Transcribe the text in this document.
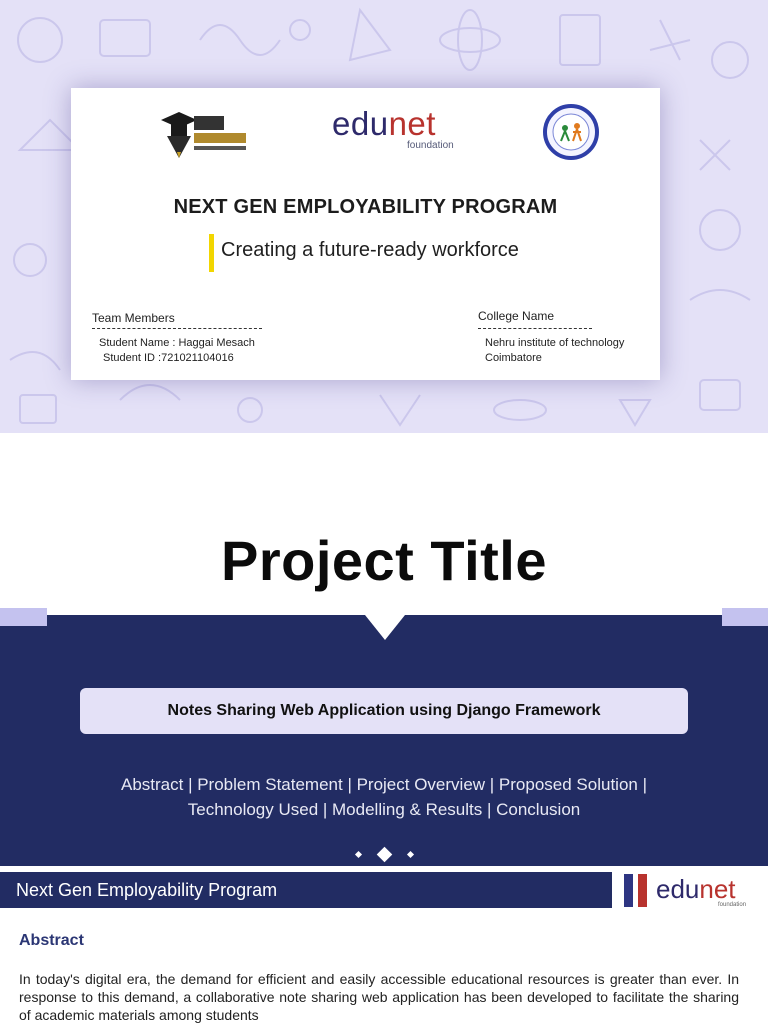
edunet
foundation
NEXT GEN EMPLOYABILITY PROGRAM
Creating a future-ready workforce
Team Members
Student Name : Haggai Mesach
Student ID :721021104016
College Name
Nehru institute of technology
Coimbatore
Project Title
Notes Sharing Web Application using Django Framework
Abstract | Problem Statement | Project Overview | Proposed Solution |
Technology Used | Modelling & Results | Conclusion
Next Gen Employability Program	edunet
foundation
Abstract
In today's digital era, the demand for efficient and easily accessible educational resources is greater than ever. In response to this demand, a collaborative note sharing web application has been developed to facilitate the sharing of academic materials among students
